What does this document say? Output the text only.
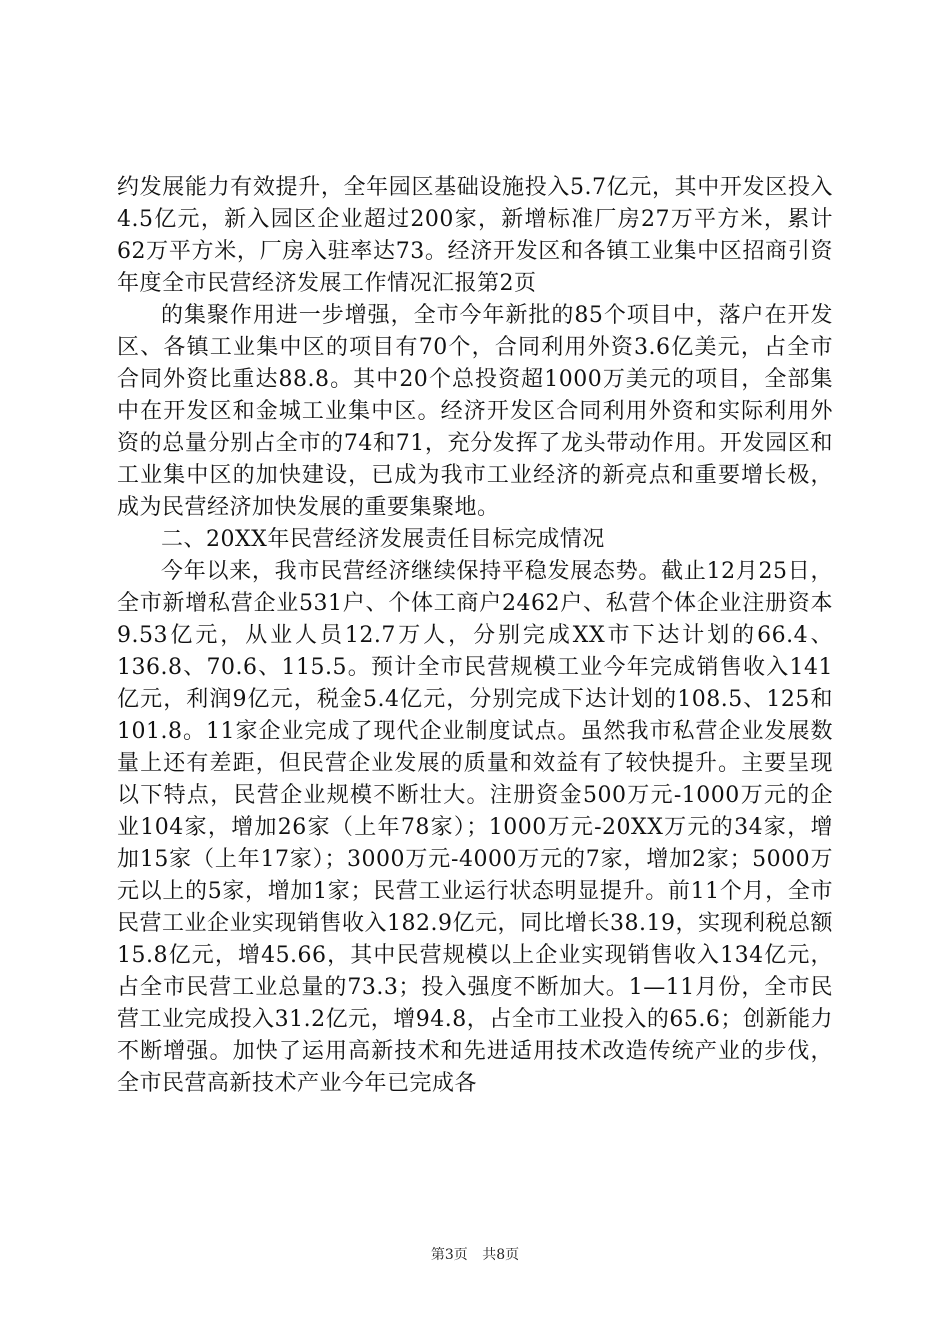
约发展能力有效提升，全年园区基础设施投入5.7亿元，其中开发区投入4.5亿元，新入园区企业超过200家，新增标准厂房27万平方米，累计62万平方米，厂房入驻率达73。经济开发区和各镇工业集中区招商引资年度全市民营经济发展工作情况汇报第2页

的集聚作用进一步增强，全市今年新批的85个项目中，落户在开发区、各镇工业集中区的项目有70个，合同利用外资3.6亿美元，占全市合同外资比重达88.8。其中20个总投资超1000万美元的项目，全部集中在开发区和金城工业集中区。经济开发区合同利用外资和实际利用外资的总量分别占全市的74和71，充分发挥了龙头带动作用。开发园区和工业集中区的加快建设，已成为我市工业经济的新亮点和重要增长极，成为民营经济加快发展的重要集聚地。

二、20XX年民营经济发展责任目标完成情况

今年以来，我市民营经济继续保持平稳发展态势。截止12月25日，全市新增私营企业531户、个体工商户2462户、私营个体企业注册资本9.53亿元，从业人员12.7万人，分别完成XX市下达计划的66.4、136.8、70.6、115.5。预计全市民营规模工业今年完成销售收入141亿元，利润9亿元，税金5.4亿元，分别完成下达计划的108.5、125和101.8。11家企业完成了现代企业制度试点。虽然我市私营企业发展数量上还有差距，但民营企业发展的质量和效益有了较快提升。主要呈现以下特点，民营企业规模不断壮大。注册资金500万元-1000万元的企业104家，增加26家（上年78家）；1000万元-20XX万元的34家，增加15家（上年17家）；3000万元-4000万元的7家，增加2家；5000万元以上的5家，增加1家；民营工业运行状态明显提升。前11个月，全市民营工业企业实现销售收入182.9亿元，同比增长38.19，实现利税总额15.8亿元，增45.66，其中民营规模以上企业实现销售收入134亿元，占全市民营工业总量的73.3；投入强度不断加大。1—11月份，全市民营工业完成投入31.2亿元，增94.8，占全市工业投入的65.6；创新能力不断增强。加快了运用高新技术和先进适用技术改造传统产业的步伐，全市民营高新技术产业今年已完成各

第3页 共8页
